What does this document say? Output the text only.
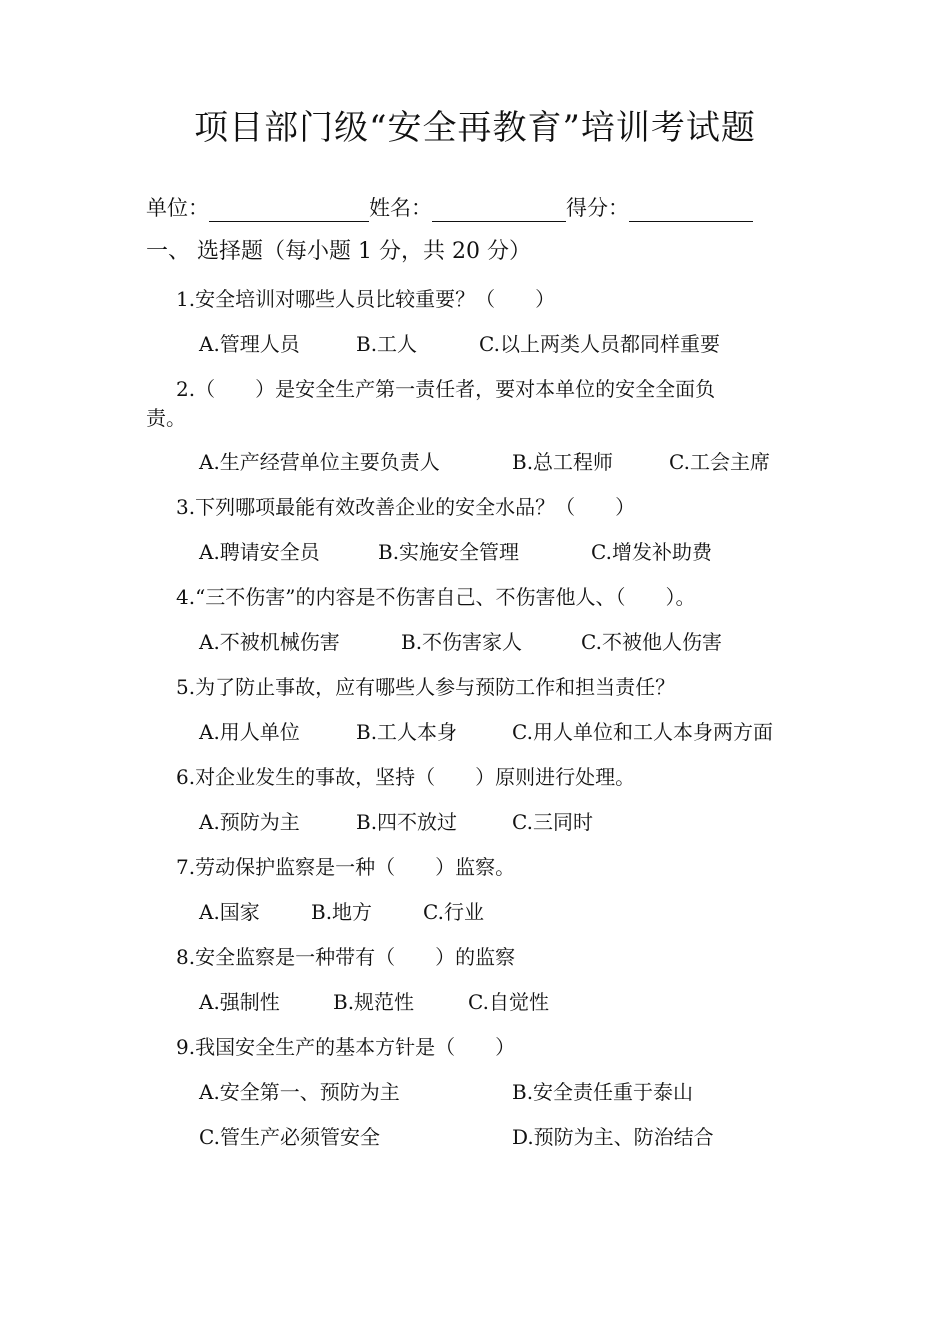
项目部门级“安全再教育”培训考试题
单位：	姓名：	得分：
一、 选择题（每小题 1 分，共 20 分）
1.安全培训对哪些人员比较重要？（　　）
A.管理人员	B.工人	C.以上两类人员都同样重要
2.（　　）是安全生产第一责任者，要对本单位的安全全面负
责。
A.生产经营单位主要负责人	B.总工程师	C.工会主席
3.下列哪项最能有效改善企业的安全水品？（　　）
A.聘请安全员	B.实施安全管理	C.增发补助费
4.“三不伤害”的内容是不伤害自己、不伤害他人、（　　）。
A.不被机械伤害	B.不伤害家人	C.不被他人伤害
5.为了防止事故，应有哪些人参与预防工作和担当责任？
A.用人单位	B.工人本身	C.用人单位和工人本身两方面
6.对企业发生的事故，坚持（　　）原则进行处理。
A.预防为主	B.四不放过	C.三同时
7.劳动保护监察是一种（　　）监察。
A.国家	B.地方	C.行业
8.安全监察是一种带有（　　）的监察
A.强制性	B.规范性	C.自觉性
9.我国安全生产的基本方针是（　　）
A.安全第一、预防为主	B.安全责任重于泰山
C.管生产必须管安全	D.预防为主、防治结合
